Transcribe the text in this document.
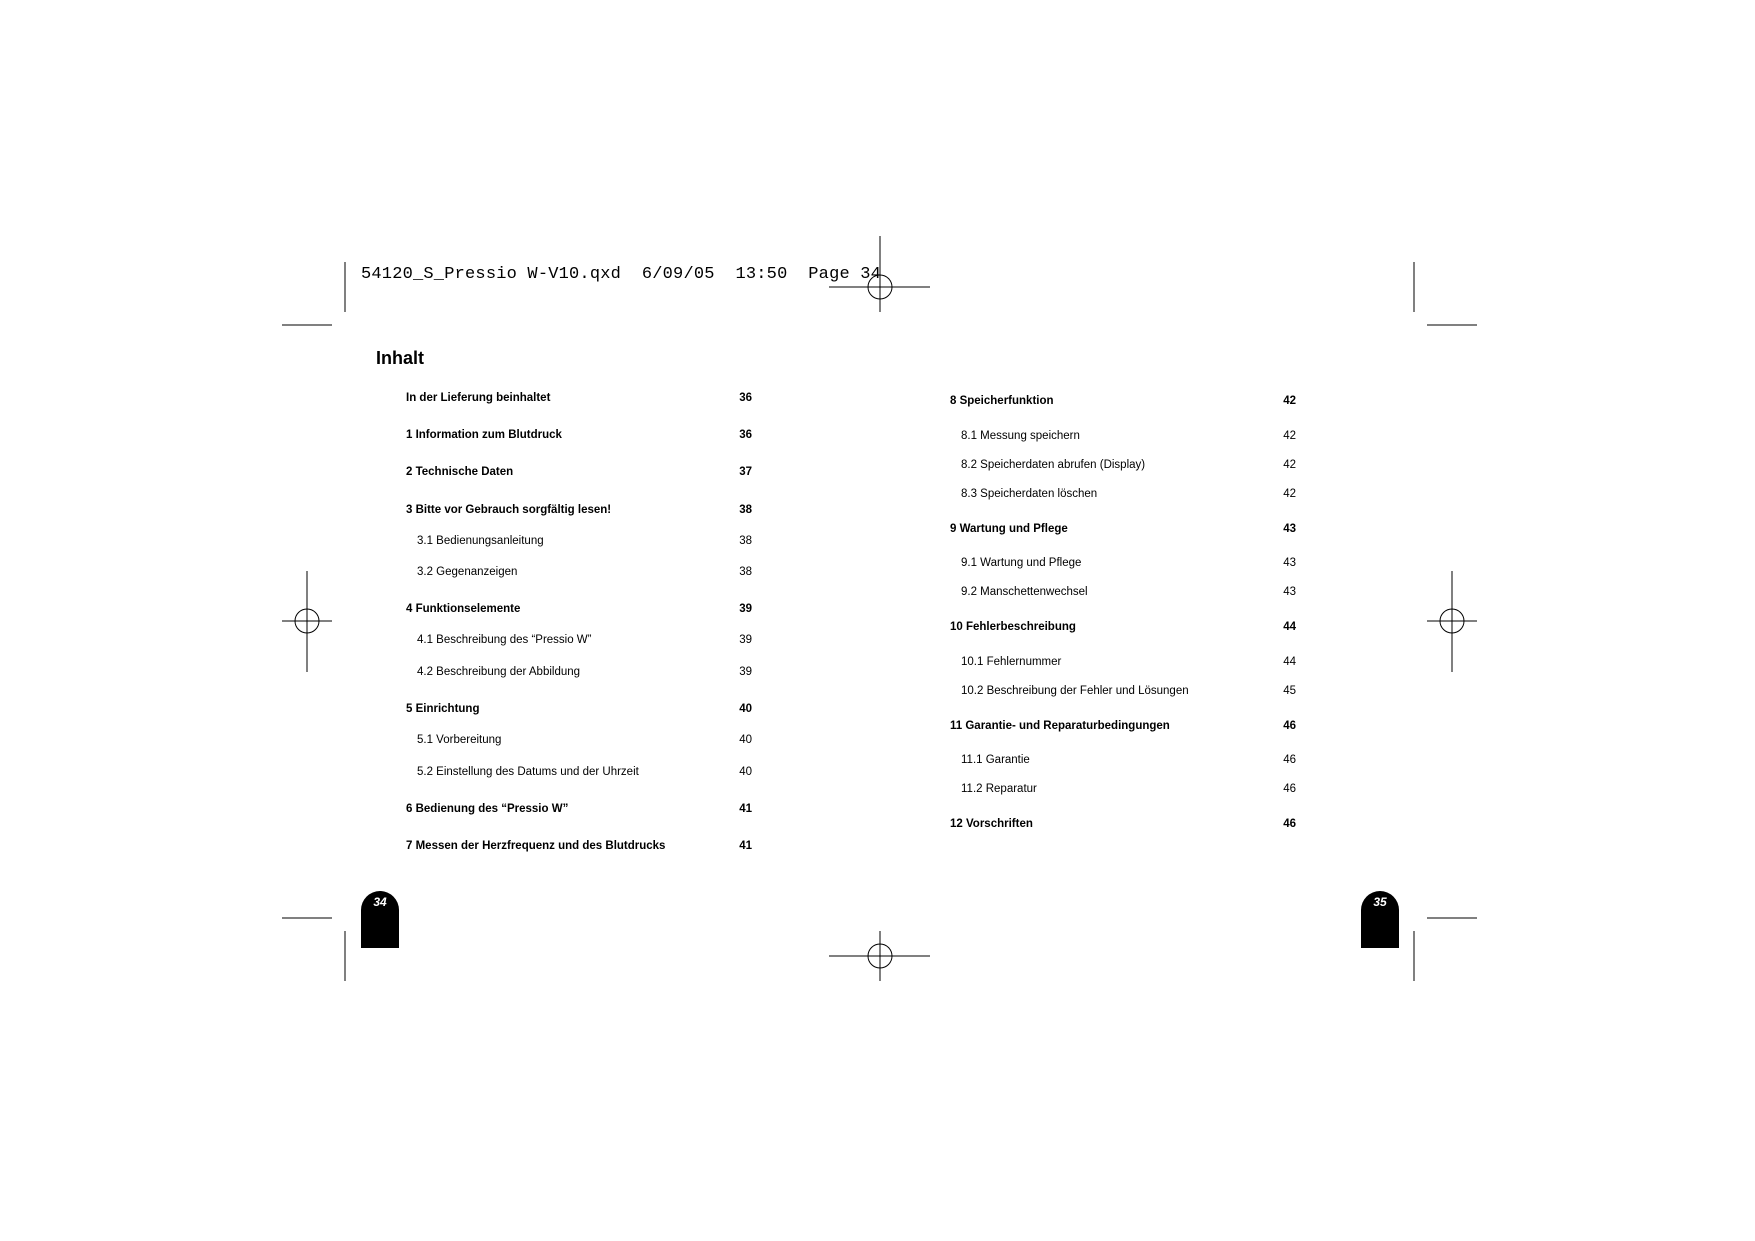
54120_S_Pressio W-V10.qxd  6/09/05  13:50  Page 34
Inhalt
In der Lieferung beinhaltet	36
1 Information zum Blutdruck	36
2 Technische Daten	37
3 Bitte vor Gebrauch sorgfältig lesen!	38
3.1 Bedienungsanleitung	38
3.2 Gegenanzeigen	38
4 Funktionselemente	39
4.1 Beschreibung des “Pressio W”	39
4.2 Beschreibung der Abbildung	39
5 Einrichtung	40
5.1 Vorbereitung	40
5.2 Einstellung des Datums und der Uhrzeit	40
6 Bedienung des “Pressio W”	41
7 Messen der Herzfrequenz und des Blutdrucks	41
8 Speicherfunktion	42
8.1 Messung speichern	42
8.2 Speicherdaten abrufen (Display)	42
8.3 Speicherdaten löschen	42
9 Wartung und Pflege	43
9.1 Wartung und Pflege	43
9.2 Manschettenwechsel	43
10 Fehlerbeschreibung	44
10.1 Fehlernummer	44
10.2 Beschreibung der Fehler und Lösungen	45
11 Garantie- und Reparaturbedingungen	46
11.1 Garantie	46
11.2 Reparatur	46
12 Vorschriften	46
34	35
